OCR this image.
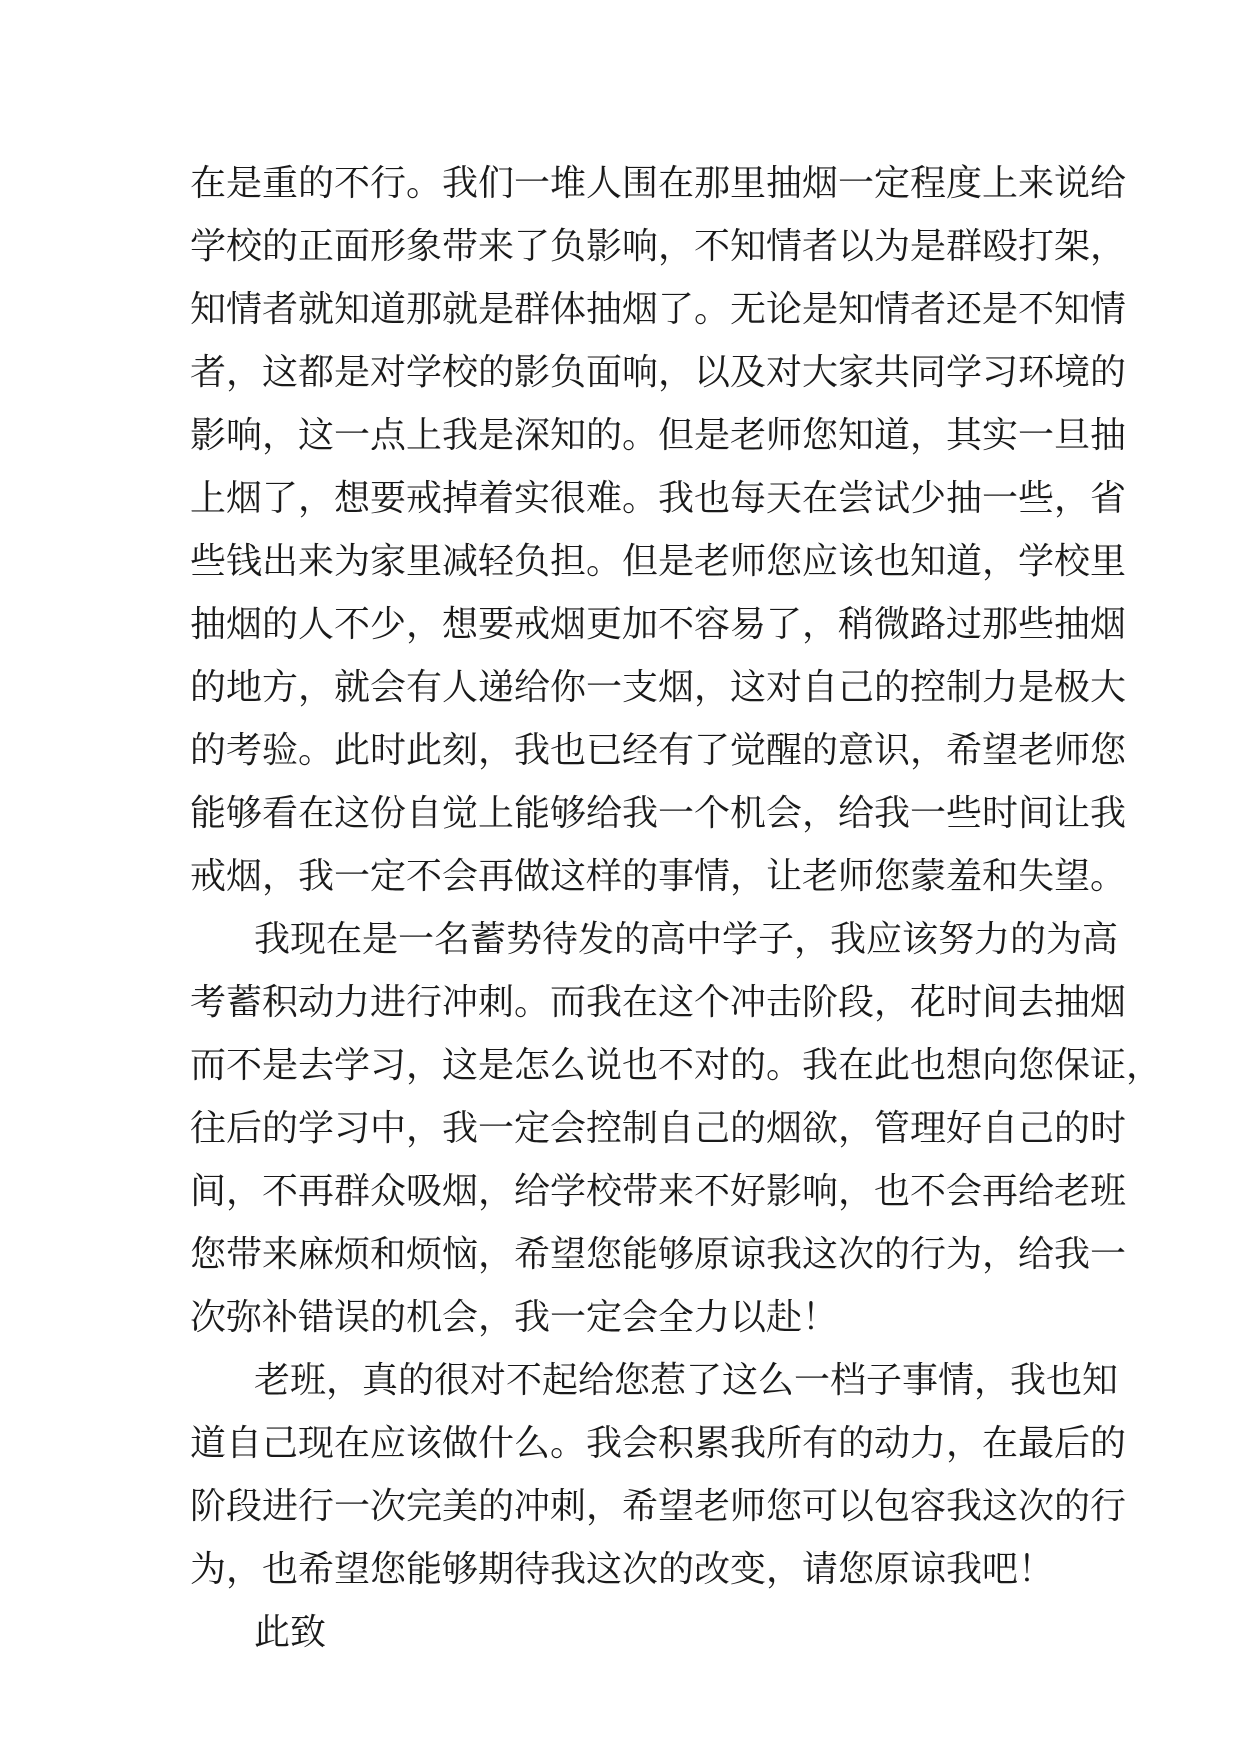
在是重的不行。我们一堆人围在那里抽烟一定程度上来说给
学校的正面形象带来了负影响，不知情者以为是群殴打架，
知情者就知道那就是群体抽烟了。无论是知情者还是不知情
者，这都是对学校的影负面响，以及对大家共同学习环境的
影响，这一点上我是深知的。但是老师您知道，其实一旦抽
上烟了，想要戒掉着实很难。我也每天在尝试少抽一些，省
些钱出来为家里减轻负担。但是老师您应该也知道，学校里
抽烟的人不少，想要戒烟更加不容易了，稍微路过那些抽烟
的地方，就会有人递给你一支烟，这对自己的控制力是极大
的考验。此时此刻，我也已经有了觉醒的意识，希望老师您
能够看在这份自觉上能够给我一个机会，给我一些时间让我
戒烟，我一定不会再做这样的事情，让老师您蒙羞和失望。
我现在是一名蓄势待发的高中学子，我应该努力的为高
考蓄积动力进行冲刺。而我在这个冲击阶段，花时间去抽烟
而不是去学习，这是怎么说也不对的。我在此也想向您保证，
往后的学习中，我一定会控制自己的烟欲，管理好自己的时
间，不再群众吸烟，给学校带来不好影响，也不会再给老班
您带来麻烦和烦恼，希望您能够原谅我这次的行为，给我一
次弥补错误的机会，我一定会全力以赴！
老班，真的很对不起给您惹了这么一档子事情，我也知
道自己现在应该做什么。我会积累我所有的动力，在最后的
阶段进行一次完美的冲刺，希望老师您可以包容我这次的行
为，也希望您能够期待我这次的改变，请您原谅我吧！
此致
